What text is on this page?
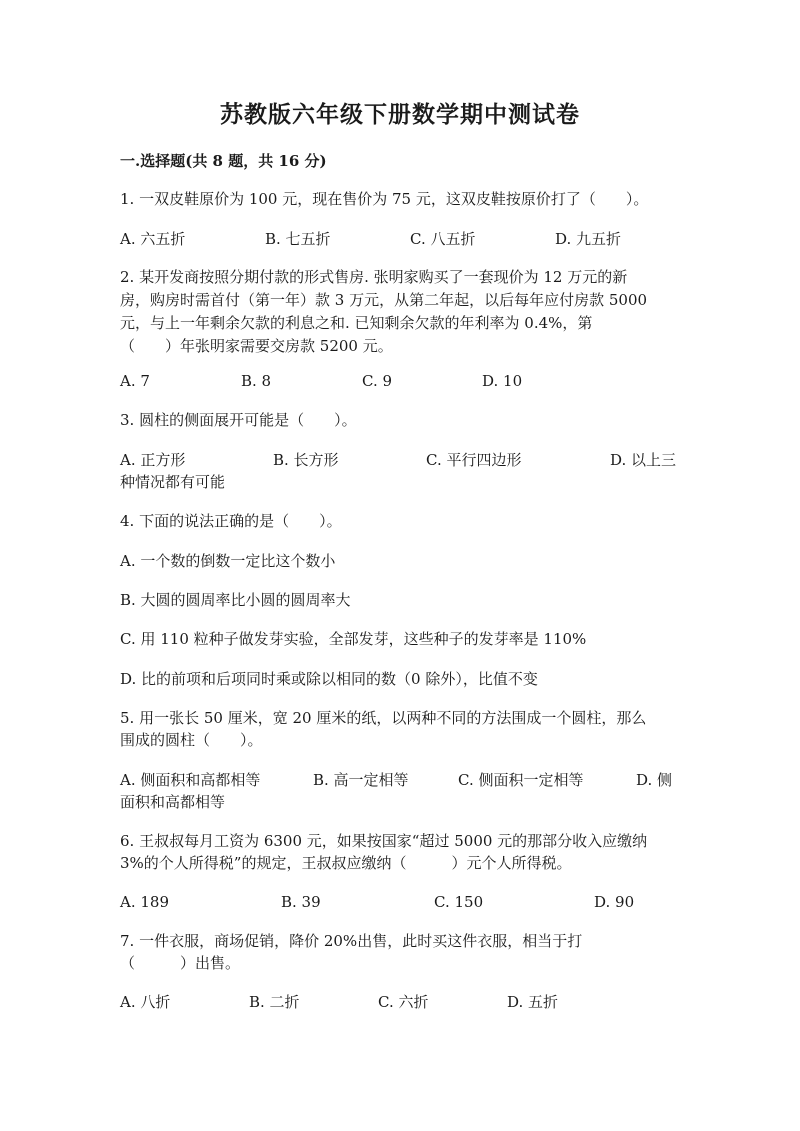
苏教版六年级下册数学期中测试卷
一.选择题(共 8 题，共 16 分)
1. 一双皮鞋原价为 100 元，现在售价为 75 元，这双皮鞋按原价打了（　　）。
A. 六五折	B. 七五折	C. 八五折	D. 九五折
2. 某开发商按照分期付款的形式售房. 张明家购买了一套现价为 12 万元的新
房，购房时需首付（第一年）款 3 万元，从第二年起，以后每年应付房款 5000
元，与上一年剩余欠款的利息之和. 已知剩余欠款的年利率为 0.4%，第
（　　）年张明家需要交房款 5200 元。
A. 7	B. 8	C. 9	D. 10
3. 圆柱的侧面展开可能是（　　）。
A. 正方形	B. 长方形	C. 平行四边形	D. 以上三
种情况都有可能
4. 下面的说法正确的是（　　）。
A. 一个数的倒数一定比这个数小
B. 大圆的圆周率比小圆的圆周率大
C. 用 110 粒种子做发芽实验，全部发芽，这些种子的发芽率是 110%
D. 比的前项和后项同时乘或除以相同的数（0 除外），比值不变
5. 用一张长 50 厘米，宽 20 厘米的纸，以两种不同的方法围成一个圆柱，那么
围成的圆柱（　　）。
A. 侧面积和高都相等	B. 高一定相等	C. 侧面积一定相等	D. 侧
面积和高都相等
6. 王叔叔每月工资为 6300 元，如果按国家“超过 5000 元的那部分收入应缴纳
3%的个人所得税”的规定，王叔叔应缴纳（　　　）元个人所得税。
A. 189	B. 39	C. 150	D. 90
7. 一件衣服，商场促销，降价 20%出售，此时买这件衣服，相当于打
（　　　）出售。
A. 八折	B. 二折	C. 六折	D. 五折
